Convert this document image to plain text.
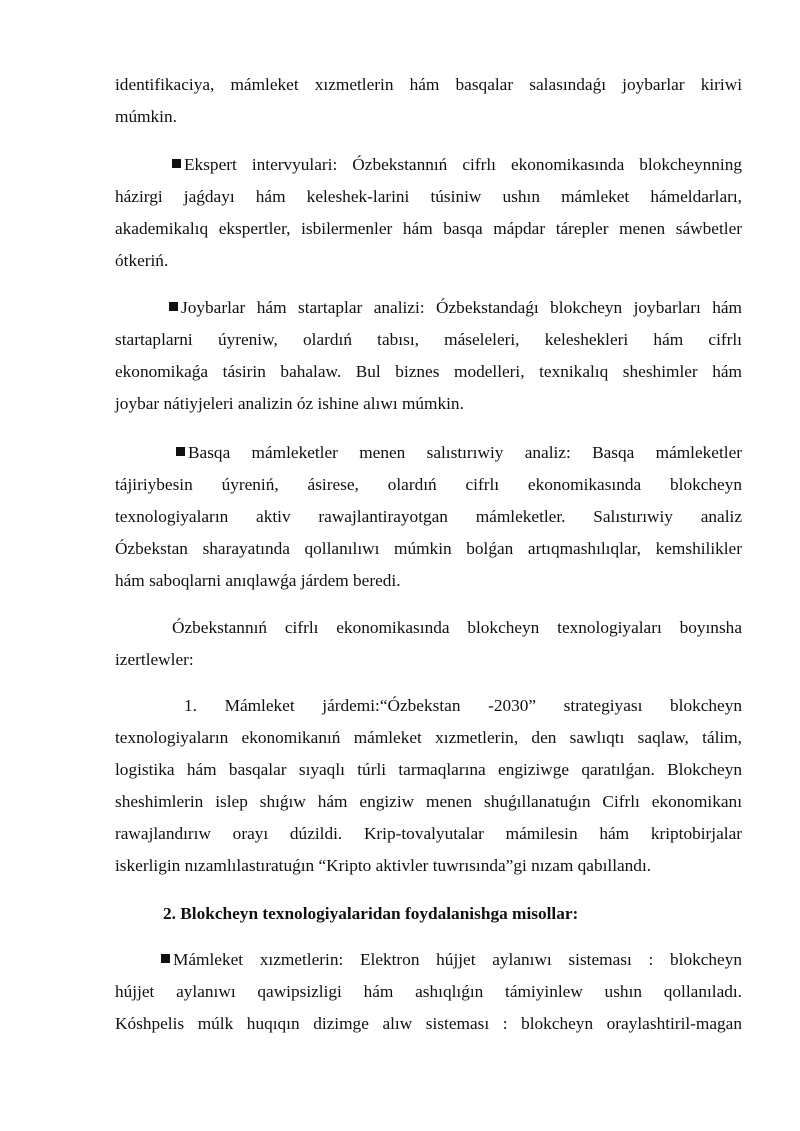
identifikaciya, mámleket xızmetlerin hám basqalar salasındaǵı joybarlar kiriwi
múmkin.

Ekspert intervyulari: Ózbekstannıń cifrlı ekonomikasında blokcheynning
házirgi jaǵdayı hám keleshek-larini túsiniw ushın mámleket hámeldarları,
akademikalıq ekspertler, isbilermenler hám basqa mápdar tárepler menen sáwbetler
ótkeriń.

Joybarlar hám startaplar analizi: Ózbekstandaǵı blokcheyn joybarları hám
startaplarni úyreniw, olardıń tabısı, máseleleri, keleshekleri hám cifrlı
ekonomikaǵa tásirin bahalaw. Bul biznes modelleri, texnikalıq sheshimler hám
joybar nátiyjeleri analizin óz ishine alıwı múmkin.

Basqa mámleketler menen salıstırıwiy analiz: Basqa mámleketler
tájiriybesin úyreniń, ásirese, olardıń cifrlı ekonomikasında blokcheyn
texnologiyaların aktiv rawajlantirayotgan mámleketler. Salıstırıwiy analiz
Ózbekstan sharayatında qollanılıwı múmkin bolǵan artıqmashılıqlar, kemshilikler
hám saboqlarni anıqlawǵa járdem beredi.

Ózbekstannıń cifrlı ekonomikasında blokcheyn texnologiyaları boyınsha
izertlewler:

1. Mámleket járdemi:“Ózbekstan -2030” strategiyası blokcheyn
texnologiyaların ekonomikanıń mámleket xızmetlerin, den sawlıqtı saqlaw, tálim,
logistika hám basqalar sıyaqlı túrli tarmaqlarına engiziwge qaratılǵan. Blokcheyn
sheshimlerin islep shıǵıw hám engiziw menen shuǵıllanatuǵın Cifrlı ekonomikanı
rawajlandırıw orayı dúzildi. Krip-tovalyutalar mámilesin hám kriptobirjalar
iskerligin nızamlılastıratuǵın “Kripto aktivler tuwrısında”gi nızam qabıllandı.

2. Blokcheyn texnologiyalaridan foydalanishga misollar:

Mámleket xızmetlerin: Elektron hújjet aylanıwı sisteması : blokcheyn
hújjet aylanıwı qawipsizligi hám ashıqlıǵın támiyinlew ushın qollanıladı.
Kóshpelis múlk huqıqın dizimge alıw sisteması : blokcheyn oraylashtiril-magan
